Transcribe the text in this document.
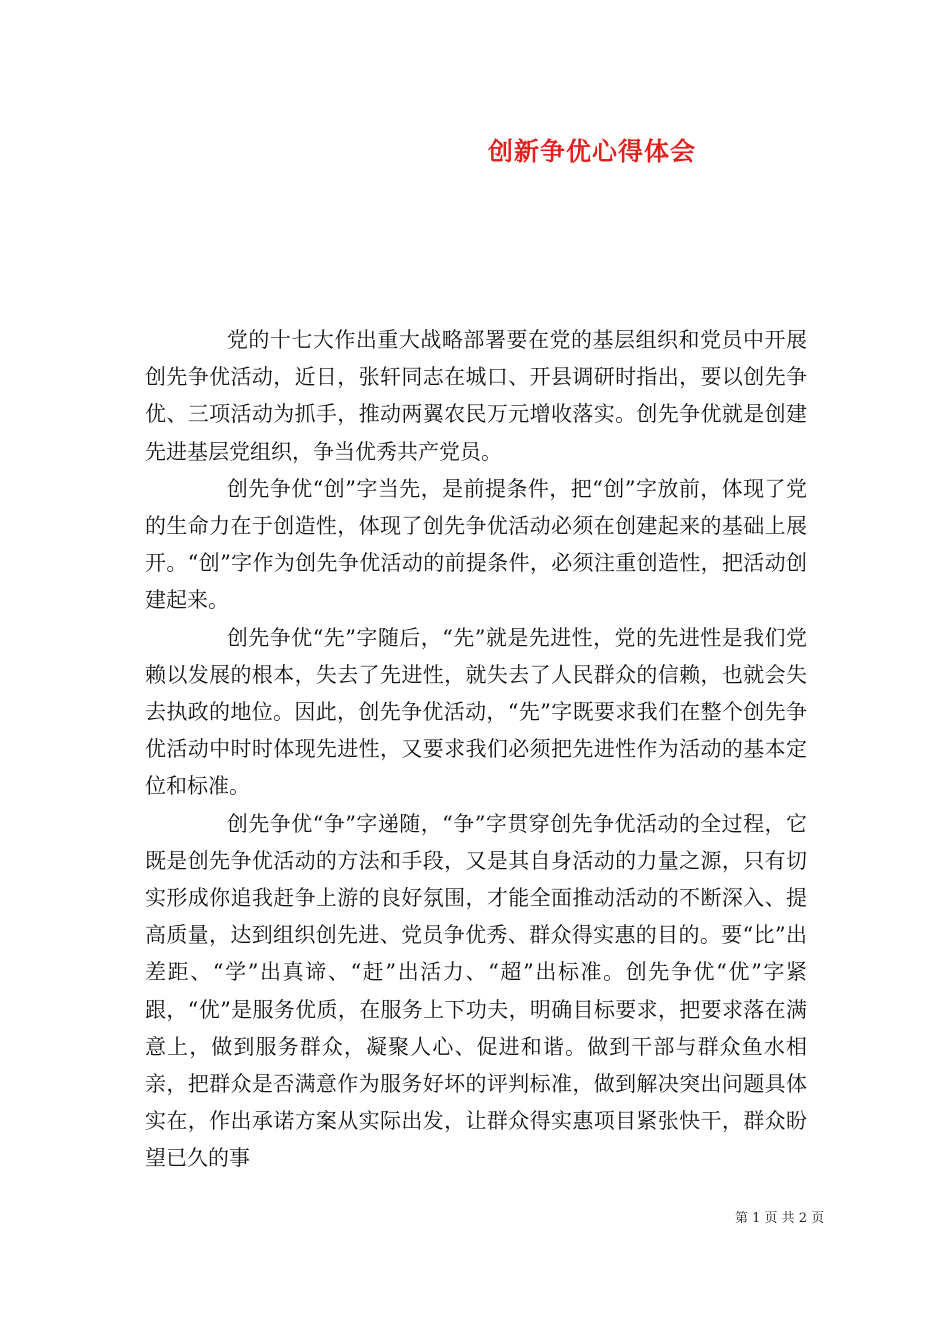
创新争优心得体会

党的十七大作出重大战略部署要在党的基层组织和党员中开展创先争优活动，近日，张轩同志在城口、开县调研时指出，要以创先争优、三项活动为抓手，推动两翼农民万元增收落实。创先争优就是创建先进基层党组织，争当优秀共产党员。

创先争优“创”字当先，是前提条件，把“创”字放前，体现了党的生命力在于创造性，体现了创先争优活动必须在创建起来的基础上展开。“创”字作为创先争优活动的前提条件，必须注重创造性，把活动创建起来。

创先争优“先”字随后，“先”就是先进性，党的先进性是我们党赖以发展的根本，失去了先进性，就失去了人民群众的信赖，也就会失去执政的地位。因此，创先争优活动，“先”字既要求我们在整个创先争优活动中时时体现先进性，又要求我们必须把先进性作为活动的基本定位和标准。

创先争优“争”字递随，“争”字贯穿创先争优活动的全过程，它既是创先争优活动的方法和手段，又是其自身活动的力量之源，只有切实形成你追我赶争上游的良好氛围，才能全面推动活动的不断深入、提高质量，达到组织创先进、党员争优秀、群众得实惠的目的。要“比”出差距、“学”出真谛、“赶”出活力、“超”出标准。创先争优“优”字紧跟，“优”是服务优质，在服务上下功夫，明确目标要求，把要求落在满意上，做到服务群众，凝聚人心、促进和谐。做到干部与群众鱼水相亲，把群众是否满意作为服务好坏的评判标准，做到解决突出问题具体实在，作出承诺方案从实际出发，让群众得实惠项目紧张快干，群众盼望已久的事

第 1 页 共 2 页
